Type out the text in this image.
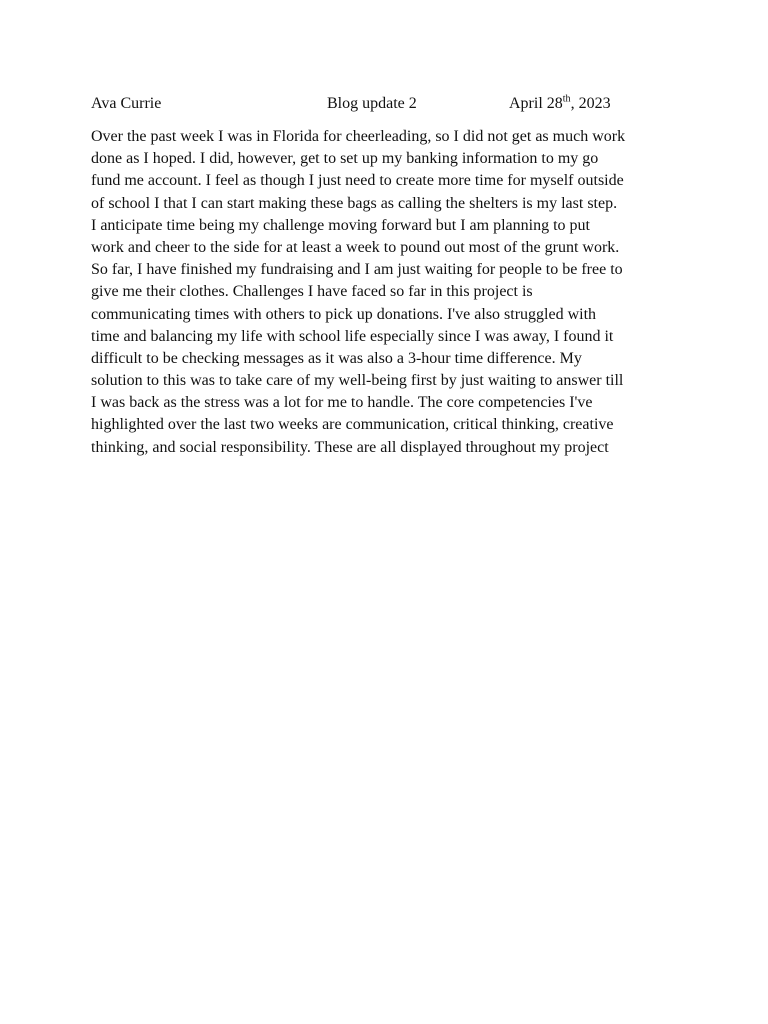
Ava Currie	Blog update 2	April 28th, 2023
Over the past week I was in Florida for cheerleading, so I did not get as much work
done as I hoped. I did, however, get to set up my banking information to my go
fund me account. I feel as though I just need to create more time for myself outside
of school I that I can start making these bags as calling the shelters is my last step.
I anticipate time being my challenge moving forward but I am planning to put
work and cheer to the side for at least a week to pound out most of the grunt work.
So far, I have finished my fundraising and I am just waiting for people to be free to
give me their clothes. Challenges I have faced so far in this project is
communicating times with others to pick up donations. I've also struggled with
time and balancing my life with school life especially since I was away, I found it
difficult to be checking messages as it was also a 3-hour time difference. My
solution to this was to take care of my well-being first by just waiting to answer till
I was back as the stress was a lot for me to handle. The core competencies I've
highlighted over the last two weeks are communication, critical thinking, creative
thinking, and social responsibility. These are all displayed throughout my project
